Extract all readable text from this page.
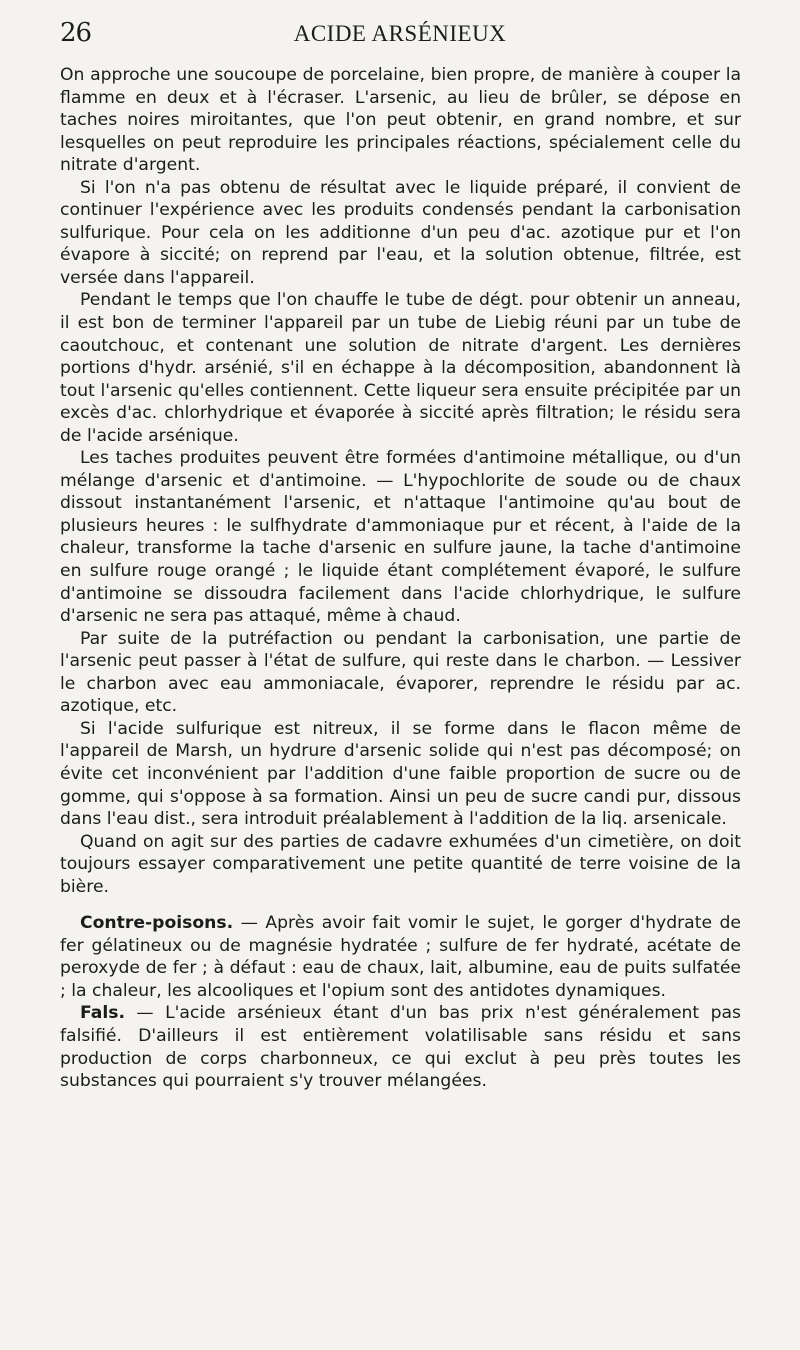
26	ACIDE ARSÉNIEUX

On approche une soucoupe de porcelaine, bien propre, de manière à couper la flamme en deux et à l'écraser. L'arsenic, au lieu de brûler, se dépose en taches noires miroitantes, que l'on peut obtenir, en grand nombre, et sur lesquelles on peut reproduire les principales réactions, spécialement celle du nitrate d'argent.

Si l'on n'a pas obtenu de résultat avec le liquide préparé, il convient de continuer l'expérience avec les produits condensés pendant la carbonisation sulfurique. Pour cela on les additionne d'un peu d'ac. azotique pur et l'on évapore à siccité; on reprend par l'eau, et la solution obtenue, filtrée, est versée dans l'appareil.

Pendant le temps que l'on chauffe le tube de dégt. pour obtenir un anneau, il est bon de terminer l'appareil par un tube de Liebig réuni par un tube de caoutchouc, et contenant une solution de nitrate d'argent. Les dernières portions d'hydr. arsénié, s'il en échappe à la décomposition, abandonnent là tout l'arsenic qu'elles contiennent. Cette liqueur sera ensuite précipitée par un excès d'ac. chlorhydrique et évaporée à siccité après filtration; le résidu sera de l'acide arsénique.

Les taches produites peuvent être formées d'antimoine métallique, ou d'un mélange d'arsenic et d'antimoine. — L'hypochlorite de soude ou de chaux dissout instantanément l'arsenic, et n'attaque l'antimoine qu'au bout de plusieurs heures : le sulfhydrate d'ammoniaque pur et récent, à l'aide de la chaleur, transforme la tache d'arsenic en sulfure jaune, la tache d'antimoine en sulfure rouge orangé ; le liquide étant complétement évaporé, le sulfure d'antimoine se dissoudra facilement dans l'acide chlorhydrique, le sulfure d'arsenic ne sera pas attaqué, même à chaud.

Par suite de la putréfaction ou pendant la carbonisation, une partie de l'arsenic peut passer à l'état de sulfure, qui reste dans le charbon. — Lessiver le charbon avec eau ammoniacale, évaporer, reprendre le résidu par ac. azotique, etc.

Si l'acide sulfurique est nitreux, il se forme dans le flacon même de l'appareil de Marsh, un hydrure d'arsenic solide qui n'est pas décomposé; on évite cet inconvénient par l'addition d'une faible proportion de sucre ou de gomme, qui s'oppose à sa formation. Ainsi un peu de sucre candi pur, dissous dans l'eau dist., sera introduit préalablement à l'addition de la liq. arsenicale.

Quand on agit sur des parties de cadavre exhumées d'un cimetière, on doit toujours essayer comparativement une petite quantité de terre voisine de la bière.

Contre-poisons. — Après avoir fait vomir le sujet, le gorger d'hydrate de fer gélatineux ou de magnésie hydratée ; sulfure de fer hydraté, acétate de peroxyde de fer ; à défaut : eau de chaux, lait, albumine, eau de puits sulfatée ; la chaleur, les alcooliques et l'opium sont des antidotes dynamiques.

Fals. — L'acide arsénieux étant d'un bas prix n'est généralement pas falsifié. D'ailleurs il est entièrement volatilisable sans résidu et sans production de corps charbonneux, ce qui exclut à peu près toutes les substances qui pourraient s'y trouver mélangées.
